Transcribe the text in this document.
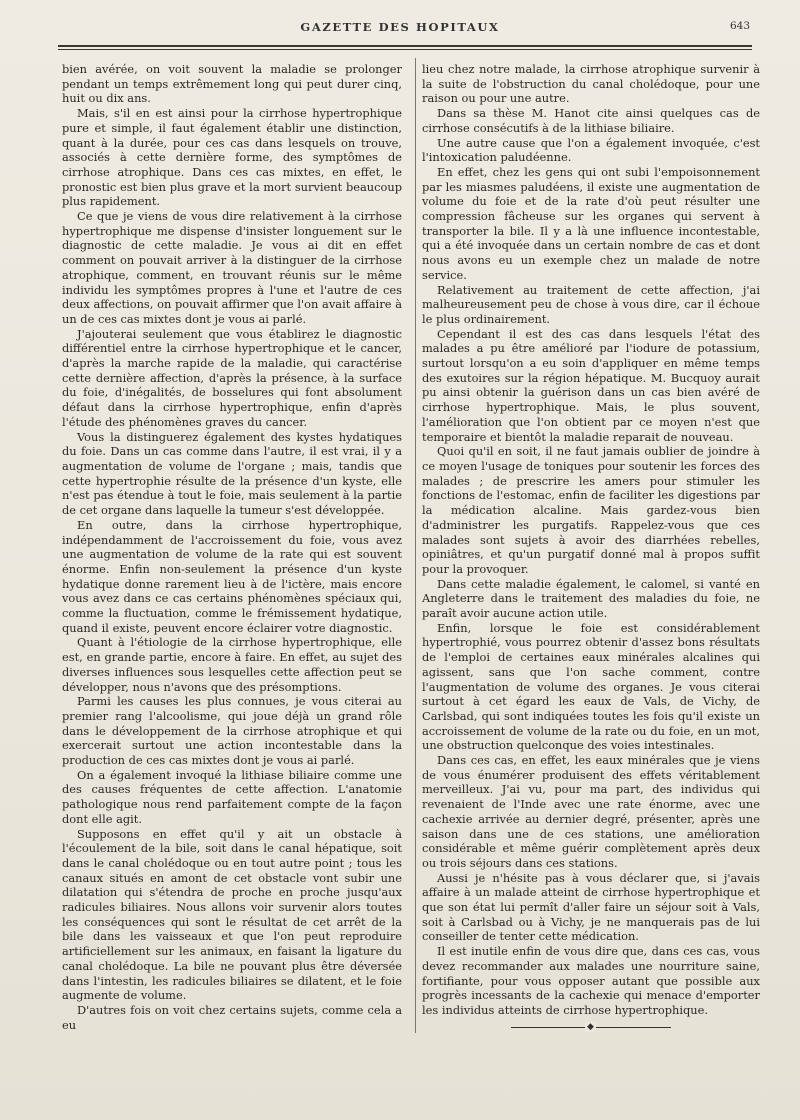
GAZETTE DES HOPITAUX	643

bien avérée, on voit souvent la maladie se prolonger pendant un temps extrêmement long qui peut durer cinq, huit ou dix ans.

Mais, s'il en est ainsi pour la cirrhose hypertrophique pure et simple, il faut également établir une distinction, quant à la durée, pour ces cas dans lesquels on trouve, associés à cette dernière forme, des symptômes de cirrhose atrophique. Dans ces cas mixtes, en effet, le pronostic est bien plus grave et la mort survient beaucoup plus rapidement.

Ce que je viens de vous dire relativement à la cirrhose hypertrophique me dispense d'insister longuement sur le diagnostic de cette maladie. Je vous ai dit en effet comment on pouvait arriver à la distinguer de la cirrhose atrophique, comment, en trouvant réunis sur le même individu les symptômes propres à l'une et l'autre de ces deux affections, on pouvait affirmer que l'on avait affaire à un de ces cas mixtes dont je vous ai parlé.

J'ajouterai seulement que vous établirez le diagnostic différentiel entre la cirrhose hypertrophique et le cancer, d'après la marche rapide de la maladie, qui caractérise cette dernière affection, d'après la présence, à la surface du foie, d'inégalités, de bosselures qui font absolument défaut dans la cirrhose hypertrophique, enfin d'après l'étude des phénomènes graves du cancer.

Vous la distinguerez également des kystes hydatiques du foie. Dans un cas comme dans l'autre, il est vrai, il y a augmentation de volume de l'organe ; mais, tandis que cette hypertrophie résulte de la présence d'un kyste, elle n'est pas étendue à tout le foie, mais seulement à la partie de cet organe dans laquelle la tumeur s'est développée.

En outre, dans la cirrhose hypertrophique, indépendamment de l'accroissement du foie, vous avez une augmentation de volume de la rate qui est souvent énorme. Enfin non-seulement la présence d'un kyste hydatique donne rarement lieu à de l'ictère, mais encore vous avez dans ce cas certains phénomènes spéciaux qui, comme la fluctuation, comme le frémissement hydatique, quand il existe, peuvent encore éclairer votre diagnostic.

Quant à l'étiologie de la cirrhose hypertrophique, elle est, en grande partie, encore à faire. En effet, au sujet des diverses influences sous lesquelles cette affection peut se développer, nous n'avons que des présomptions.

Parmi les causes les plus connues, je vous citerai au premier rang l'alcoolisme, qui joue déjà un grand rôle dans le développement de la cirrhose atrophique et qui exercerait surtout une action incontestable dans la production de ces cas mixtes dont je vous ai parlé.

On a également invoqué la lithiase biliaire comme une des causes fréquentes de cette affection. L'anatomie pathologique nous rend parfaitement compte de la façon dont elle agit.

Supposons en effet qu'il y ait un obstacle à l'écoulement de la bile, soit dans le canal hépatique, soit dans le canal cholédoque ou en tout autre point ; tous les canaux situés en amont de cet obstacle vont subir une dilatation qui s'étendra de proche en proche jusqu'aux radicules biliaires. Nous allons voir survenir alors toutes les conséquences qui sont le résultat de cet arrêt de la bile dans les vaisseaux et que l'on peut reproduire artificiellement sur les animaux, en faisant la ligature du canal cholédoque. La bile ne pouvant plus être déversée dans l'intestin, les radicules biliaires se dilatent, et le foie augmente de volume.

D'autres fois on voit chez certains sujets, comme cela a eu

lieu chez notre malade, la cirrhose atrophique survenir à la suite de l'obstruction du canal cholédoque, pour une raison ou pour une autre.

Dans sa thèse M. Hanot cite ainsi quelques cas de cirrhose consécutifs à de la lithiase biliaire.

Une autre cause que l'on a également invoquée, c'est l'intoxication paludéenne.

En effet, chez les gens qui ont subi l'empoisonnement par les miasmes paludéens, il existe une augmentation de volume du foie et de la rate d'où peut résulter une compression fâcheuse sur les organes qui servent à transporter la bile. Il y a là une influence incontestable, qui a été invoquée dans un certain nombre de cas et dont nous avons eu un exemple chez un malade de notre service.

Relativement au traitement de cette affection, j'ai malheureusement peu de chose à vous dire, car il échoue le plus ordinairement.

Cependant il est des cas dans lesquels l'état des malades a pu être amélioré par l'iodure de potassium, surtout lorsqu'on a eu soin d'appliquer en même temps des exutoires sur la région hépatique. M. Bucquoy aurait pu ainsi obtenir la guérison dans un cas bien avéré de cirrhose hypertrophique. Mais, le plus souvent, l'amélioration que l'on obtient par ce moyen n'est que temporaire et bientôt la maladie reparait de nouveau.

Quoi qu'il en soit, il ne faut jamais oublier de joindre à ce moyen l'usage de toniques pour soutenir les forces des malades ; de prescrire les amers pour stimuler les fonctions de l'estomac, enfin de faciliter les digestions par la médication alcaline. Mais gardez-vous bien d'administrer les purgatifs. Rappelez-vous que ces malades sont sujets à avoir des diarrhées rebelles, opiniâtres, et qu'un purgatif donné mal à propos suffit pour la provoquer.

Dans cette maladie également, le calomel, si vanté en Angleterre dans le traitement des maladies du foie, ne paraît avoir aucune action utile.

Enfin, lorsque le foie est considérablement hypertrophié, vous pourrez obtenir d'assez bons résultats de l'emploi de certaines eaux minérales alcalines qui agissent, sans que l'on sache comment, contre l'augmentation de volume des organes. Je vous citerai surtout à cet égard les eaux de Vals, de Vichy, de Carlsbad, qui sont indiquées toutes les fois qu'il existe un accroissement de volume de la rate ou du foie, en un mot, une obstruction quelconque des voies intestinales.

Dans ces cas, en effet, les eaux minérales que je viens de vous énumérer produisent des effets véritablement merveilleux. J'ai vu, pour ma part, des individus qui revenaient de l'Inde avec une rate énorme, avec une cachexie arrivée au dernier degré, présenter, après une saison dans une de ces stations, une amélioration considérable et même guérir complètement après deux ou trois séjours dans ces stations.

Aussi je n'hésite pas à vous déclarer que, si j'avais affaire à un malade atteint de cirrhose hypertrophique et que son état lui permît d'aller faire un séjour soit à Vals, soit à Carlsbad ou à Vichy, je ne manquerais pas de lui conseiller de tenter cette médication.

Il est inutile enfin de vous dire que, dans ces cas, vous devez recommander aux malades une nourriture saine, fortifiante, pour vous opposer autant que possible aux progrès incessants de la cachexie qui menace d'emporter les individus atteints de cirrhose hypertrophique.

◆
